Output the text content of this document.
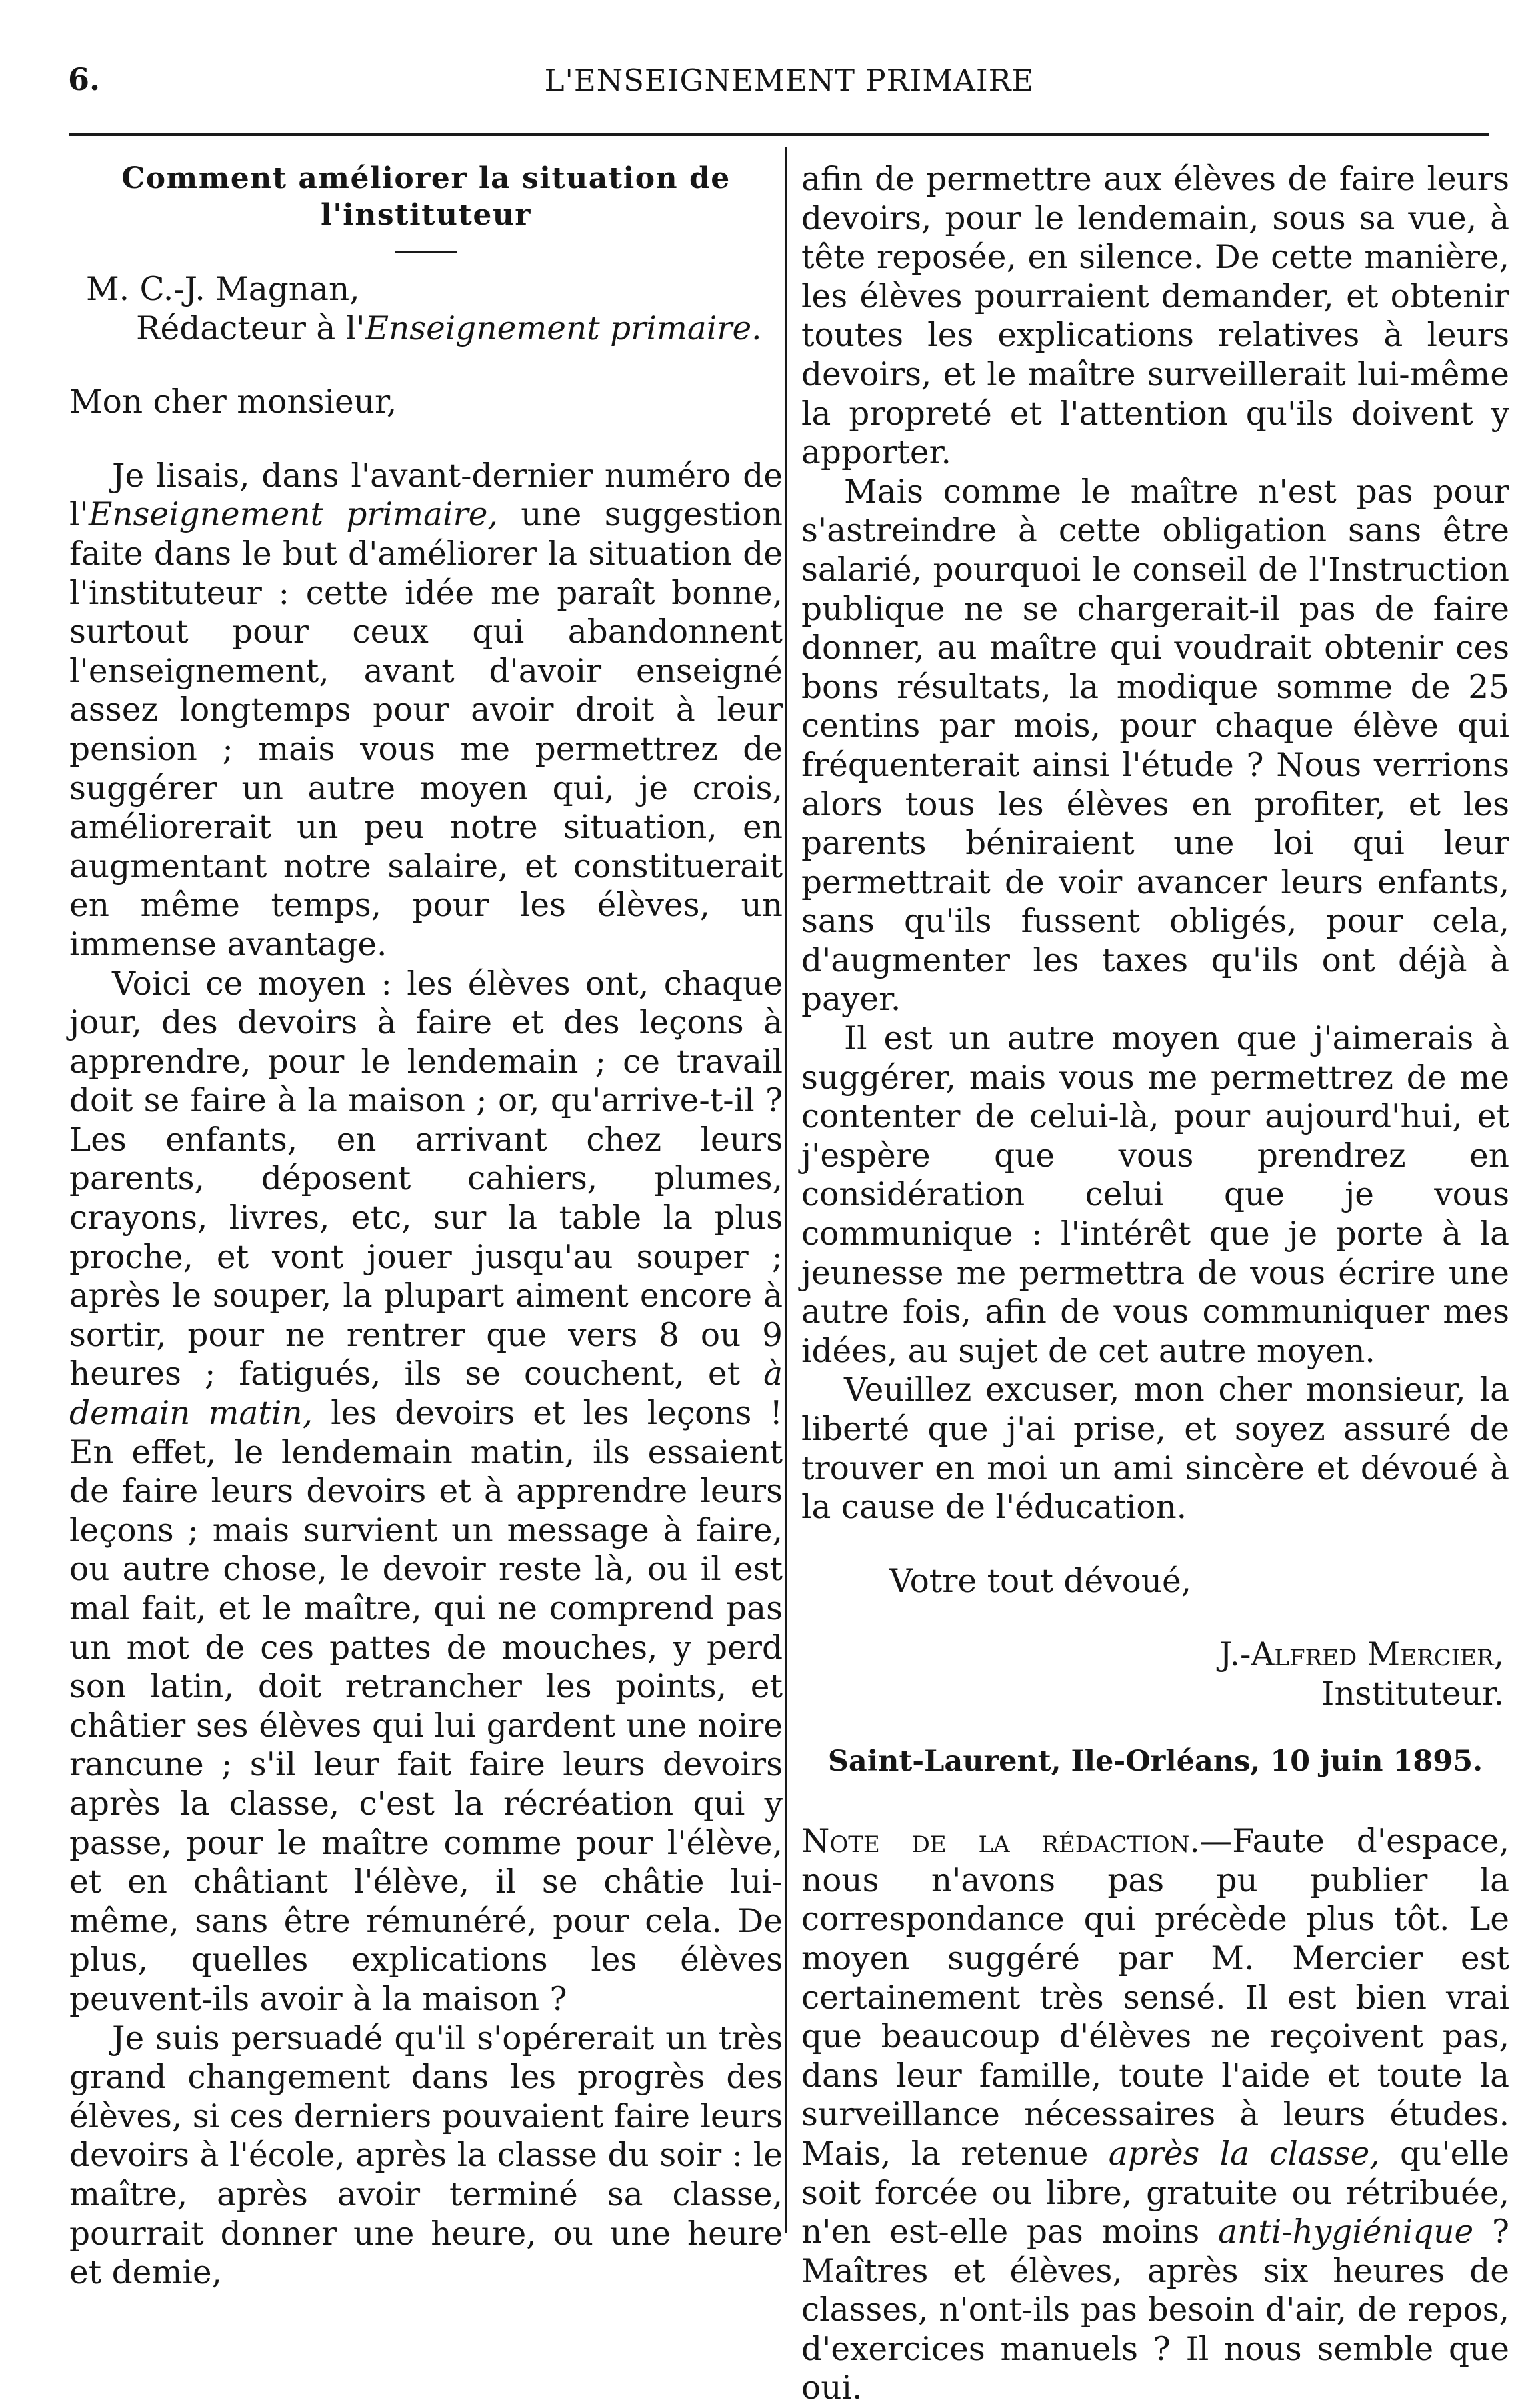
6.	L'ENSEIGNEMENT PRIMAIRE
Comment améliorer la situation de
l'instituteur

M. C.-J. Magnan,

Rédacteur à l'Enseignement primaire.

Mon cher monsieur,

Je lisais, dans l'avant-dernier numéro de l'Enseignement primaire, une suggestion faite dans le but d'améliorer la situation de l'instituteur : cette idée me paraît bonne, surtout pour ceux qui abandonnent l'enseignement, avant d'avoir enseigné assez longtemps pour avoir droit à leur pension ; mais vous me permettrez de suggérer un autre moyen qui, je crois, améliorerait un peu notre situation, en augmentant notre salaire, et constituerait en même temps, pour les élèves, un immense avantage.

Voici ce moyen : les élèves ont, chaque jour, des devoirs à faire et des leçons à apprendre, pour le lendemain ; ce travail doit se faire à la maison ; or, qu'arrive-t-il ? Les enfants, en arrivant chez leurs parents, déposent cahiers, plumes, crayons, livres, etc, sur la table la plus proche, et vont jouer jusqu'au souper ; après le souper, la plupart aiment encore à sortir, pour ne rentrer que vers 8 ou 9 heures ; fatigués, ils se couchent, et à demain matin, les devoirs et les leçons ! En effet, le lendemain matin, ils essaient de faire leurs devoirs et à apprendre leurs leçons ; mais survient un message à faire, ou autre chose, le devoir reste là, ou il est mal fait, et le maître, qui ne comprend pas un mot de ces pattes de mouches, y perd son latin, doit retrancher les points, et châtier ses élèves qui lui gardent une noire rancune ; s'il leur fait faire leurs devoirs après la classe, c'est la récréation qui y passe, pour le maître comme pour l'élève, et en châtiant l'élève, il se châtie lui-même, sans être rémunéré, pour cela. De plus, quelles explications les élèves peuvent-ils avoir à la maison ?

Je suis persuadé qu'il s'opérerait un très grand changement dans les progrès des élèves, si ces derniers pouvaient faire leurs devoirs à l'école, après la classe du soir : le maître, après avoir terminé sa classe, pourrait donner une heure, ou une heure et demie,

afin de permettre aux élèves de faire leurs devoirs, pour le lendemain, sous sa vue, à tête reposée, en silence. De cette manière, les élèves pourraient demander, et obtenir toutes les explications relatives à leurs devoirs, et le maître surveillerait lui-même la propreté et l'attention qu'ils doivent y apporter.

Mais comme le maître n'est pas pour s'astreindre à cette obligation sans être salarié, pourquoi le conseil de l'Instruction publique ne se chargerait-il pas de faire donner, au maître qui voudrait obtenir ces bons résultats, la modique somme de 25 centins par mois, pour chaque élève qui fréquenterait ainsi l'étude ? Nous verrions alors tous les élèves en profiter, et les parents béniraient une loi qui leur permettrait de voir avancer leurs enfants, sans qu'ils fussent obligés, pour cela, d'augmenter les taxes qu'ils ont déjà à payer.

Il est un autre moyen que j'aimerais à suggérer, mais vous me permettrez de me contenter de celui-là, pour aujourd'hui, et j'espère que vous prendrez en considération celui que je vous communique : l'intérêt que je porte à la jeunesse me permettra de vous écrire une autre fois, afin de vous communiquer mes idées, au sujet de cet autre moyen.

Veuillez excuser, mon cher monsieur, la liberté que j'ai prise, et soyez assuré de trouver en moi un ami sincère et dévoué à la cause de l'éducation.

Votre tout dévoué,

J.-Alfred Mercier,

Instituteur.

Saint-Laurent, Ile-Orléans, 10 juin 1895.

Note de la rédaction.—Faute d'espace, nous n'avons pas pu publier la correspondance qui précède plus tôt. Le moyen suggéré par M. Mercier est certainement très sensé. Il est bien vrai que beaucoup d'élèves ne reçoivent pas, dans leur famille, toute l'aide et toute la surveillance nécessaires à leurs études. Mais, la retenue après la classe, qu'elle soit forcée ou libre, gratuite ou rétribuée, n'en est-elle pas moins anti-hygiénique ? Maîtres et élèves, après six heures de classes, n'ont-ils pas besoin d'air, de repos, d'exercices manuels ? Il nous semble que oui.
